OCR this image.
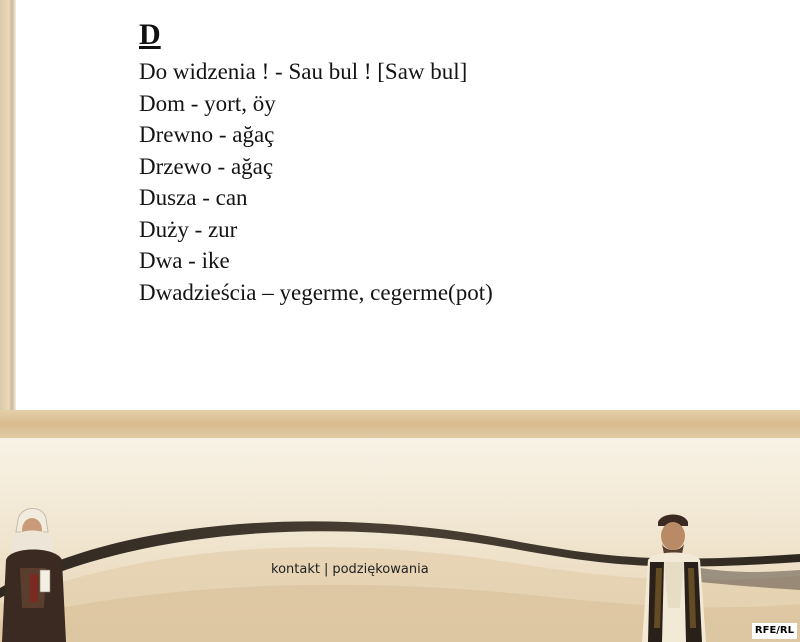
D
Do widzenia ! - Sau bul ! [Saw bul]
Dom - yort, öy
Drewno - ağaç
Drzewo - ağaç
Dusza - can
Duży - zur
Dwa - ike
Dwadzieścia – yegerme, cegerme(pot)
kontakt | podziękowania
RFE/RL
